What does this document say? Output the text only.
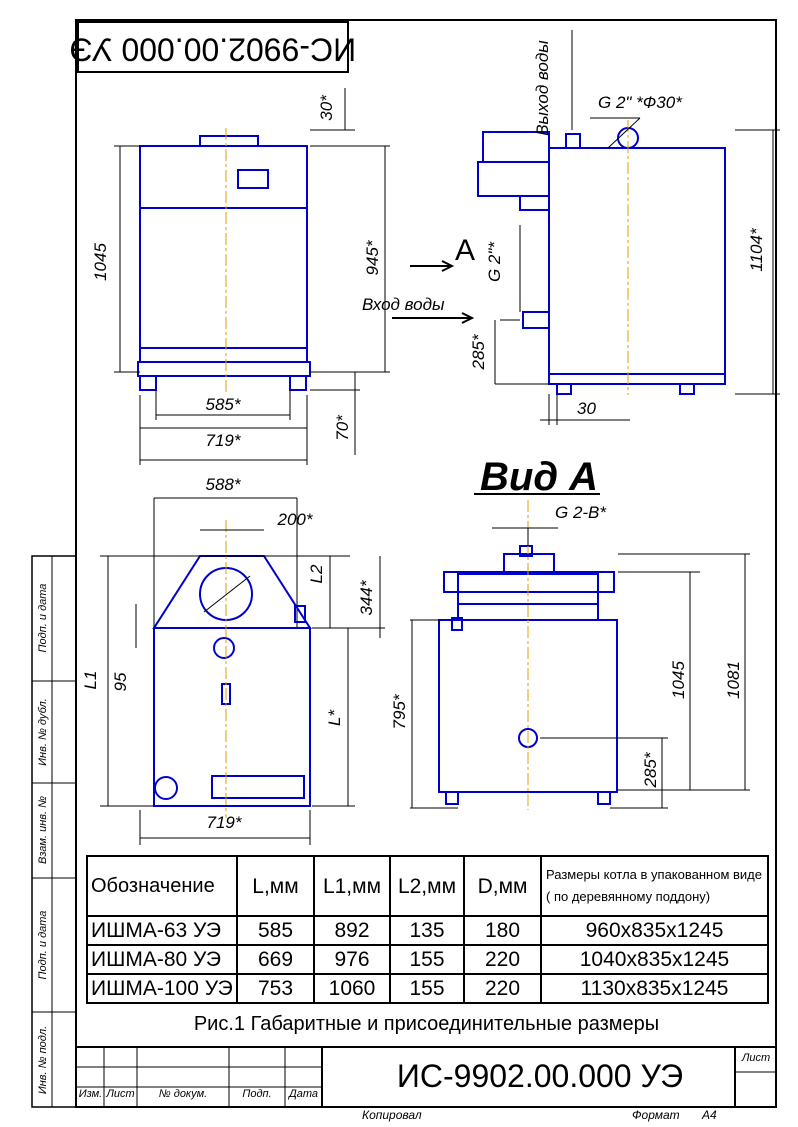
Подп. и дата
Инв. № дубл.
Взам. инв. №
Подп. и дата
Инв. № подл.
ИС-9902.00.000 УЭ
1045
30*
945*
585*
719*	70*
Выход воды	G 2" *Ф30*
A G 2"*
Вход воды
285*
1104*
30
Вид А
588*
200*
L2
344*
L1 95
L*
719*
G 2-В*
1045 1081
795*
285*
Обозначение	L,мм	L1,мм	L2,мм	D,мм	Размеры котла в упакованном виде ( по деревянному поддону)
ИШМА-63 УЭ	585	892	135	180	960х835х1245
ИШМА-80 УЭ	669	976	155	220	1040х835х1245
ИШМА-100 УЭ	753	1060	155	220	1130х835х1245
Рис.1 Габаритные и присоединительные размеры
ИС-9902.00.000 УЭ	Лист
Изм. Лист	№ докум.	Подп.	Дата
Копировал	Формат А4
